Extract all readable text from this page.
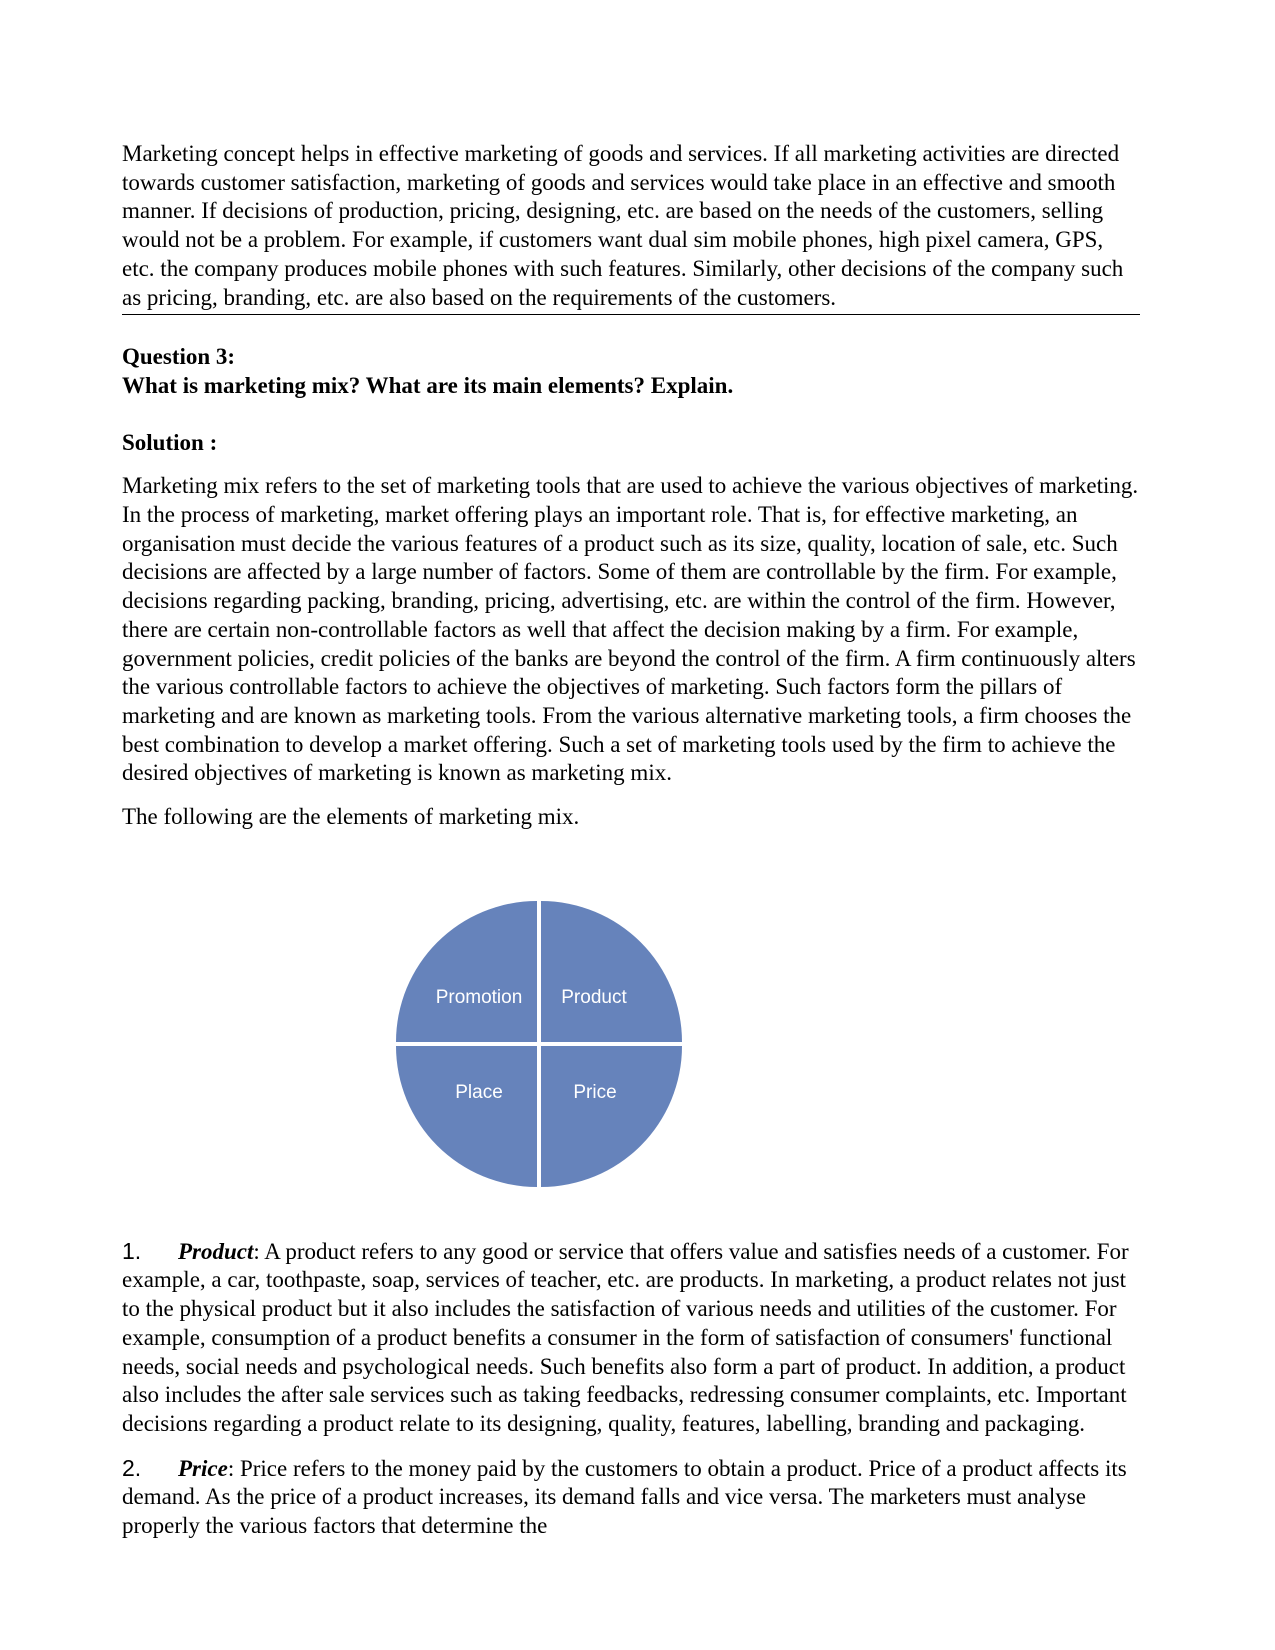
Marketing concept helps in effective marketing of goods and services. If all marketing activities are directed towards customer satisfaction, marketing of goods and services would take place in an effective and smooth manner. If decisions of production, pricing, designing, etc. are based on the needs of the customers, selling would not be a problem. For example, if customers want dual sim mobile phones, high pixel camera, GPS, etc. the company produces mobile phones with such features. Similarly, other decisions of the company such as pricing, branding, etc. are also based on the requirements of the customers.

Question 3:

What is marketing mix? What are its main elements? Explain.

Solution :

Marketing mix refers to the set of marketing tools that are used to achieve the various objectives of marketing. In the process of marketing, market offering plays an important role. That is, for effective marketing, an organisation must decide the various features of a product such as its size, quality, location of sale, etc. Such decisions are affected by a large number of factors. Some of them are controllable by the firm. For example, decisions regarding packing, branding, pricing, advertising, etc. are within the control of the firm. However, there are certain non-controllable factors as well that affect the decision making by a firm. For example, government policies, credit policies of the banks are beyond the control of the firm. A firm continuously alters the various controllable factors to achieve the objectives of marketing. Such factors form the pillars of marketing and are known as marketing tools. From the various alternative marketing tools, a firm chooses the best combination to develop a market offering. Such a set of marketing tools used by the firm to achieve the desired objectives of marketing is known as marketing mix.

The following are the elements of marketing mix.

Promotion Product
Place	Price

1. Product: A product refers to any good or service that offers value and satisfies needs of a customer. For example, a car, toothpaste, soap, services of teacher, etc. are products. In marketing, a product relates not just to the physical product but it also includes the satisfaction of various needs and utilities of the customer. For example, consumption of a product benefits a consumer in the form of satisfaction of consumers' functional needs, social needs and psychological needs. Such benefits also form a part of product. In addition, a product also includes the after sale services such as taking feedbacks, redressing consumer complaints, etc. Important decisions regarding a product relate to its designing, quality, features, labelling, branding and packaging.

2. Price: Price refers to the money paid by the customers to obtain a product. Price of a product affects its demand. As the price of a product increases, its demand falls and vice versa. The marketers must analyse properly the various factors that determine the
